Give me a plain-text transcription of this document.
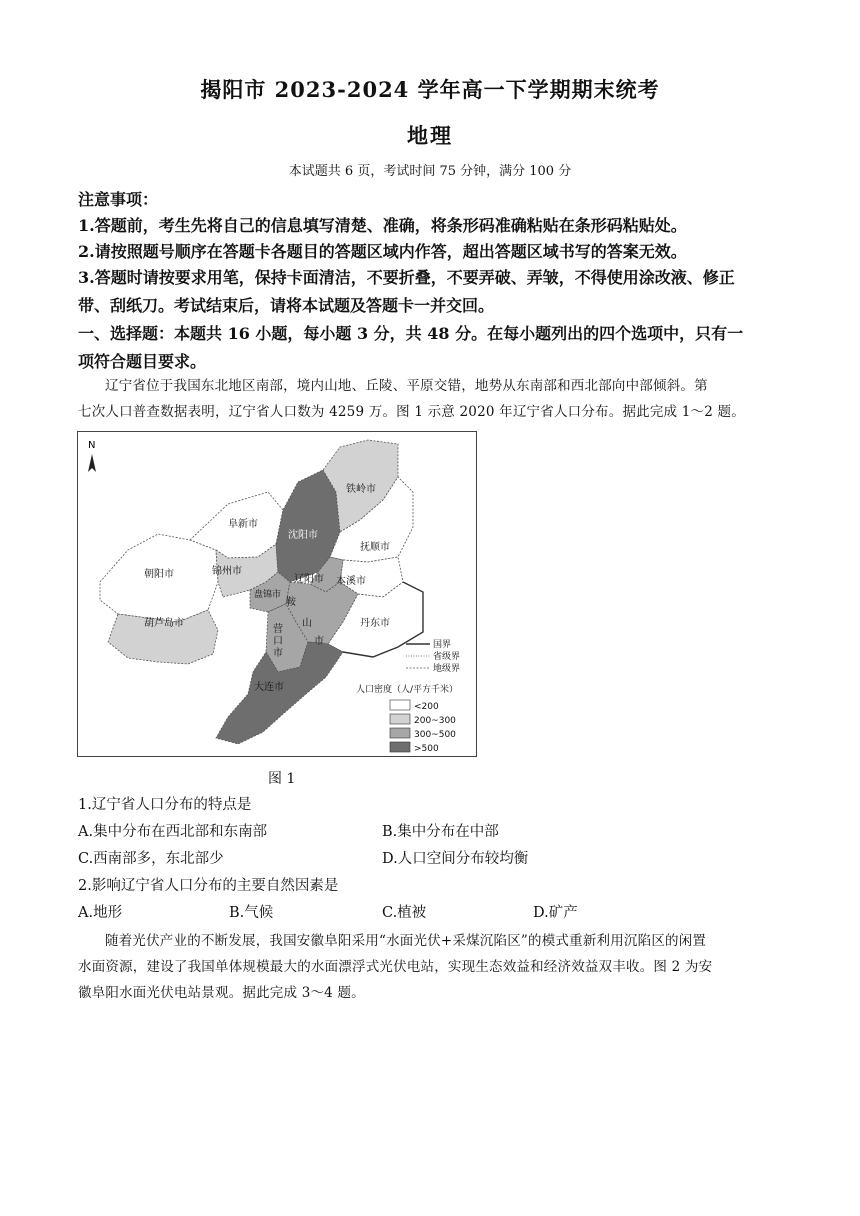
揭阳市 2023-2024 学年高一下学期期末统考
地理
本试题共 6 页，考试时间 75 分钟，满分 100 分
注意事项：
1.答题前，考生先将自己的信息填写清楚、准确，将条形码准确粘贴在条形码粘贴处。
2.请按照题号顺序在答题卡各题目的答题区域内作答，超出答题区域书写的答案无效。
3.答题时请按要求用笔，保持卡面清洁，不要折叠，不要弄破、弄皱，不得使用涂改液、修正
带、刮纸刀。考试结束后，请将本试题及答题卡一并交回。
一、选择题：本题共 16 小题，每小题 3 分，共 48 分。在每小题列出的四个选项中，只有一
项符合题目要求。
辽宁省位于我国东北地区南部，境内山地、丘陵、平原交错，地势从东南部和西北部向中部倾斜。第
七次人口普查数据表明，辽宁省人口数为 4259 万。图 1 示意 2020 年辽宁省人口分布。据此完成 1～2 题。
N
铁岭市
阜新市
沈阳市
抚顺市
朝阳市	锦州市
辽阳市 本溪市
盘锦市
鞍
山
市
葫芦岛市
营
口
市
丹东市
大连市
国界
省级界
地级界
人口密度（人/平方千米）
<200
200~300
300~500
>500
图 1
1.辽宁省人口分布的特点是
A.集中分布在西北部和东南部	B.集中分布在中部
C.西南部多，东北部少	D.人口空间分布较均衡
2.影响辽宁省人口分布的主要自然因素是
A.地形	B.气候	C.植被	D.矿产
随着光伏产业的不断发展，我国安徽阜阳采用“水面光伏+采煤沉陷区”的模式重新利用沉陷区的闲置
水面资源，建设了我国单体规模最大的水面漂浮式光伏电站，实现生态效益和经济效益双丰收。图 2 为安
徽阜阳水面光伏电站景观。据此完成 3～4 题。
